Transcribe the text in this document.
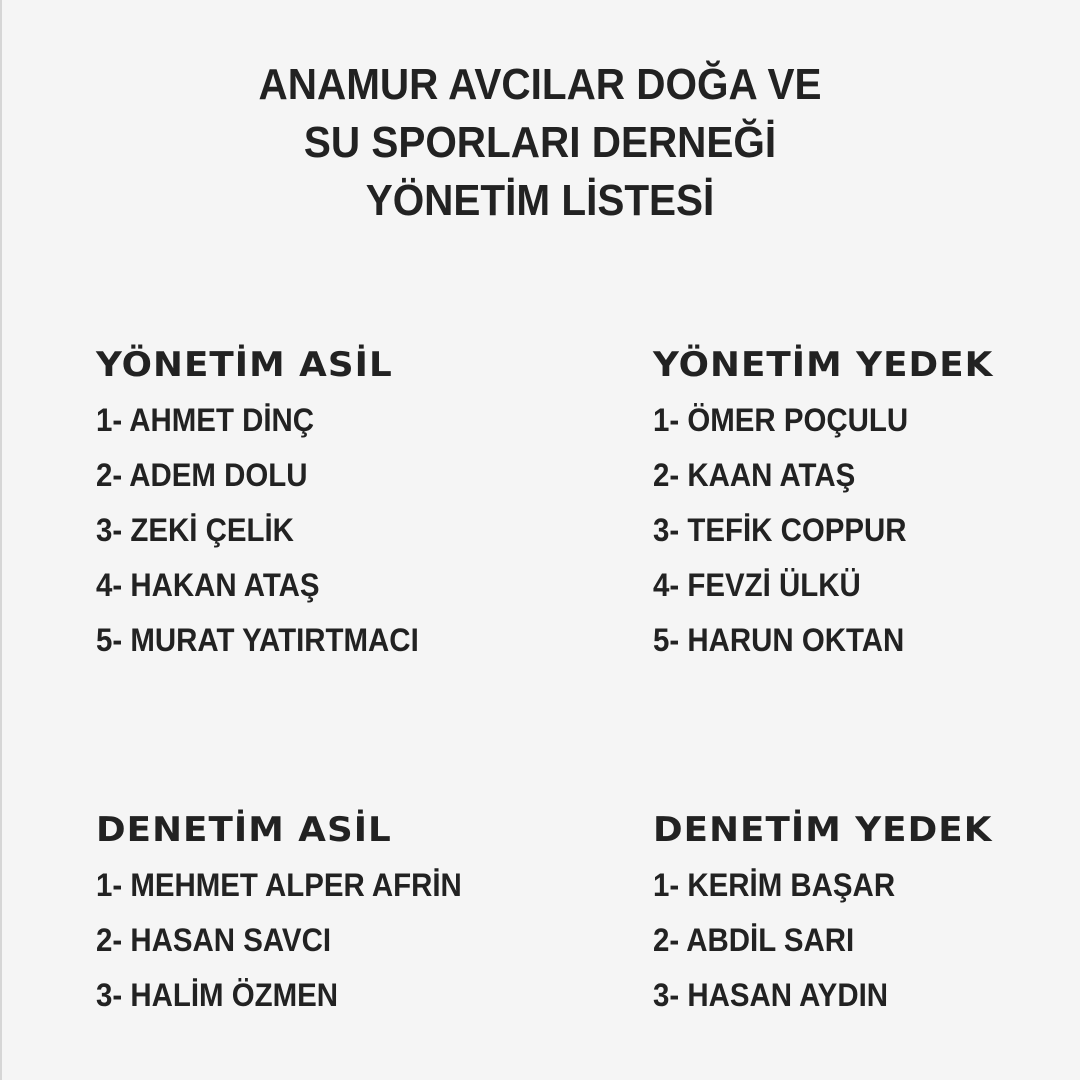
ANAMUR AVCILAR DOĞA VE
SU SPORLARI DERNEĞİ
YÖNETİM LİSTESİ
YÖNETİM ASİL
1- AHMET DİNÇ
2- ADEM DOLU
3- ZEKİ ÇELİK
4- HAKAN ATAŞ
5- MURAT YATIRTMACI
YÖNETİM YEDEK
1- ÖMER POÇULU
2- KAAN ATAŞ
3- TEFİK COPPUR
4- FEVZİ ÜLKÜ
5- HARUN OKTAN
DENETİM ASİL
1- MEHMET ALPER AFRİN
2- HASAN SAVCI
3- HALİM ÖZMEN
DENETİM YEDEK
1- KERİM BAŞAR
2- ABDİL SARI
3- HASAN AYDIN
